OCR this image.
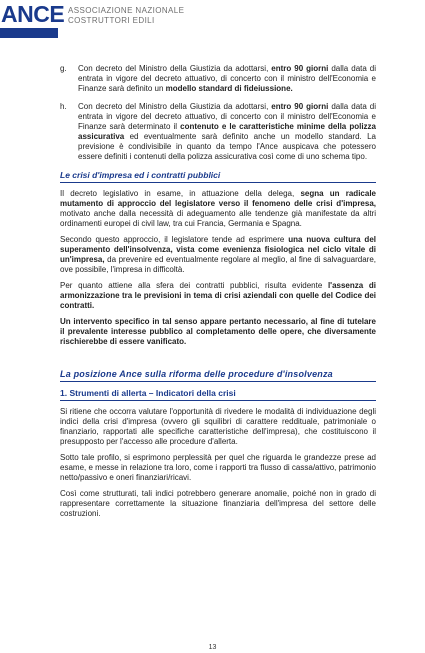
ANCE ASSOCIAZIONE NAZIONALE
COSTRUTTORI EDILI
g.	Con decreto del Ministro della Giustizia da adottarsi, entro 90 giorni dalla data di entrata in vigore del decreto attuativo, di concerto con il ministro dell'Economia e Finanze sarà definito un modello standard di fideiussione.
h.	Con decreto del Ministro della Giustizia da adottarsi, entro 90 giorni dalla data di entrata in vigore del decreto attuativo, di concerto con il ministro dell'Economia e Finanze sarà determinato il contenuto e le caratteristiche minime della polizza assicurativa ed eventualmente sarà definito anche un modello standard. La previsione è condivisibile in quanto da tempo l'Ance auspicava che potessero essere definiti i contenuti della polizza assicurativa così come di uno schema tipo.
Le crisi d'impresa ed i contratti pubblici

Il decreto legislativo in esame, in attuazione della delega, segna un radicale mutamento di approccio del legislatore verso il fenomeno delle crisi d'impresa, motivato anche dalla necessità di adeguamento alle tendenze già manifestate da altri ordinamenti europei di civil law, tra cui Francia, Germania e Spagna.

Secondo questo approccio, il legislatore tende ad esprimere una nuova cultura del superamento dell'insolvenza, vista come evenienza fisiologica nel ciclo vitale di un'impresa, da prevenire ed eventualmente regolare al meglio, al fine di salvaguardare, ove possibile, l'impresa in difficoltà.

Per quanto attiene alla sfera dei contratti pubblici, risulta evidente l'assenza di armonizzazione tra le previsioni in tema di crisi aziendali con quelle del Codice dei contratti.

Un intervento specifico in tal senso appare pertanto necessario, al fine di tutelare il prevalente interesse pubblico al completamento delle opere, che diversamente rischierebbe di essere vanificato.

La posizione Ance sulla riforma delle procedure d'insolvenza
1. Strumenti di allerta – Indicatori della crisi

Si ritiene che occorra valutare l'opportunità di rivedere le modalità di individuazione degli indici della crisi d'impresa (ovvero gli squilibri di carattere reddituale, patrimoniale o finanziario, rapportati alle specifiche caratteristiche dell'impresa), che costituiscono il presupposto per l'accesso alle procedure d'allerta.

Sotto tale profilo, si esprimono perplessità per quel che riguarda le grandezze prese ad esame, e messe in relazione tra loro, come i rapporti tra flusso di cassa/attivo, patrimonio netto/passivo e oneri finanziari/ricavi.

Così come strutturati, tali indici potrebbero generare anomalie, poiché non in grado di rappresentare correttamente la situazione finanziaria dell'impresa del settore delle costruzioni.

13
